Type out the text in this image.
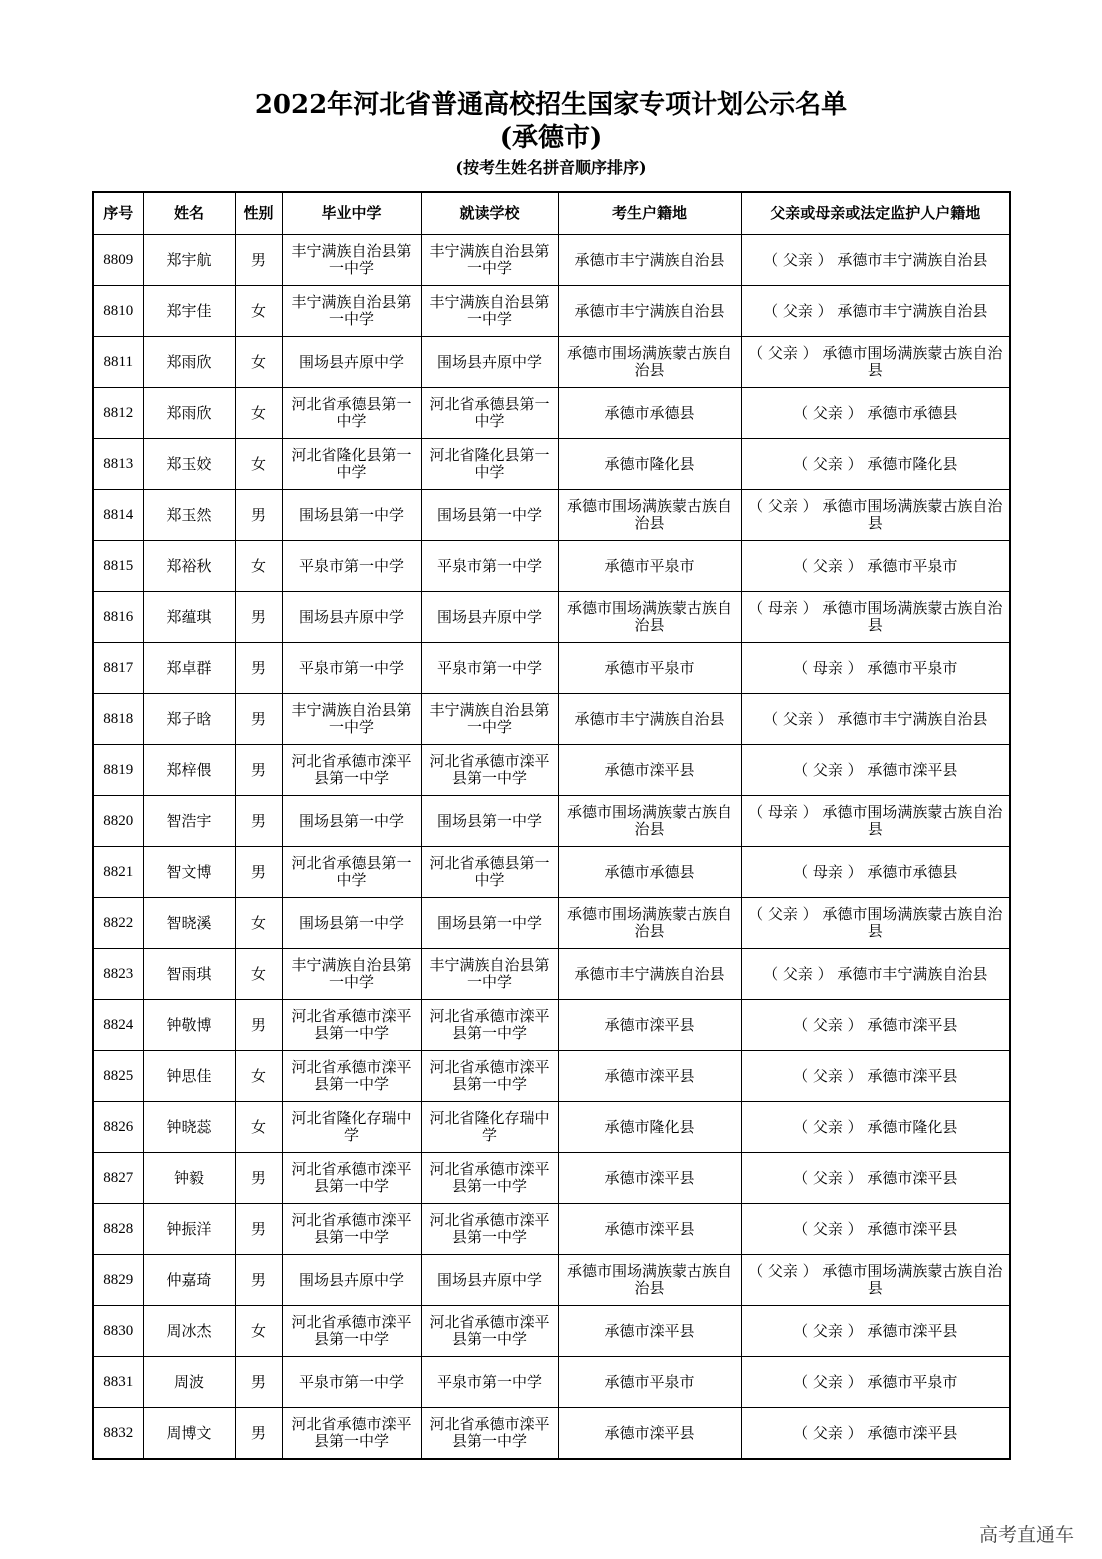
2022年河北省普通高校招生国家专项计划公示名单
(承德市)
(按考生姓名拼音顺序排序)
序号	姓名	性别	毕业中学	就读学校	考生户籍地	父亲或母亲或法定监护人户籍地
8809	郑宇航	男	丰宁满族自治县第一中学	丰宁满族自治县第一中学	承德市丰宁满族自治县	（ 父亲 ） 承德市丰宁满族自治县
8810	郑宇佳	女	丰宁满族自治县第一中学	丰宁满族自治县第一中学	承德市丰宁满族自治县	（ 父亲 ） 承德市丰宁满族自治县
8811	郑雨欣	女	围场县卉原中学	围场县卉原中学	承德市围场满族蒙古族自治县	（ 父亲 ） 承德市围场满族蒙古族自治县
8812	郑雨欣	女	河北省承德县第一中学	河北省承德县第一中学	承德市承德县	（ 父亲 ） 承德市承德县
8813	郑玉姣	女	河北省隆化县第一中学	河北省隆化县第一中学	承德市隆化县	（ 父亲 ） 承德市隆化县
8814	郑玉然	男	围场县第一中学	围场县第一中学	承德市围场满族蒙古族自治县	（ 父亲 ） 承德市围场满族蒙古族自治县
8815	郑裕秋	女	平泉市第一中学	平泉市第一中学	承德市平泉市	（ 父亲 ） 承德市平泉市
8816	郑蕴琪	男	围场县卉原中学	围场县卉原中学	承德市围场满族蒙古族自治县	（ 母亲 ） 承德市围场满族蒙古族自治县
8817	郑卓群	男	平泉市第一中学	平泉市第一中学	承德市平泉市	（ 母亲 ） 承德市平泉市
8818	郑子晗	男	丰宁满族自治县第一中学	丰宁满族自治县第一中学	承德市丰宁满族自治县	（ 父亲 ） 承德市丰宁满族自治县
8819	郑梓偎	男	河北省承德市滦平县第一中学	河北省承德市滦平县第一中学	承德市滦平县	（ 父亲 ） 承德市滦平县
8820	智浩宇	男	围场县第一中学	围场县第一中学	承德市围场满族蒙古族自治县	（ 母亲 ） 承德市围场满族蒙古族自治县
8821	智文博	男	河北省承德县第一中学	河北省承德县第一中学	承德市承德县	（ 母亲 ） 承德市承德县
8822	智晓溪	女	围场县第一中学	围场县第一中学	承德市围场满族蒙古族自治县	（ 父亲 ） 承德市围场满族蒙古族自治县
8823	智雨琪	女	丰宁满族自治县第一中学	丰宁满族自治县第一中学	承德市丰宁满族自治县	（ 父亲 ） 承德市丰宁满族自治县
8824	钟敬博	男	河北省承德市滦平县第一中学	河北省承德市滦平县第一中学	承德市滦平县	（ 父亲 ） 承德市滦平县
8825	钟思佳	女	河北省承德市滦平县第一中学	河北省承德市滦平县第一中学	承德市滦平县	（ 父亲 ） 承德市滦平县
8826	钟晓蕊	女	河北省隆化存瑞中学	河北省隆化存瑞中学	承德市隆化县	（ 父亲 ） 承德市隆化县
8827	钟毅	男	河北省承德市滦平县第一中学	河北省承德市滦平县第一中学	承德市滦平县	（ 父亲 ） 承德市滦平县
8828	钟振洋	男	河北省承德市滦平县第一中学	河北省承德市滦平县第一中学	承德市滦平县	（ 父亲 ） 承德市滦平县
8829	仲嘉琦	男	围场县卉原中学	围场县卉原中学	承德市围场满族蒙古族自治县	（ 父亲 ） 承德市围场满族蒙古族自治县
8830	周冰杰	女	河北省承德市滦平县第一中学	河北省承德市滦平县第一中学	承德市滦平县	（ 父亲 ） 承德市滦平县
8831	周波	男	平泉市第一中学	平泉市第一中学	承德市平泉市	（ 父亲 ） 承德市平泉市
8832	周博文	男	河北省承德市滦平县第一中学	河北省承德市滦平县第一中学	承德市滦平县	（ 父亲 ） 承德市滦平县
高考直通车
